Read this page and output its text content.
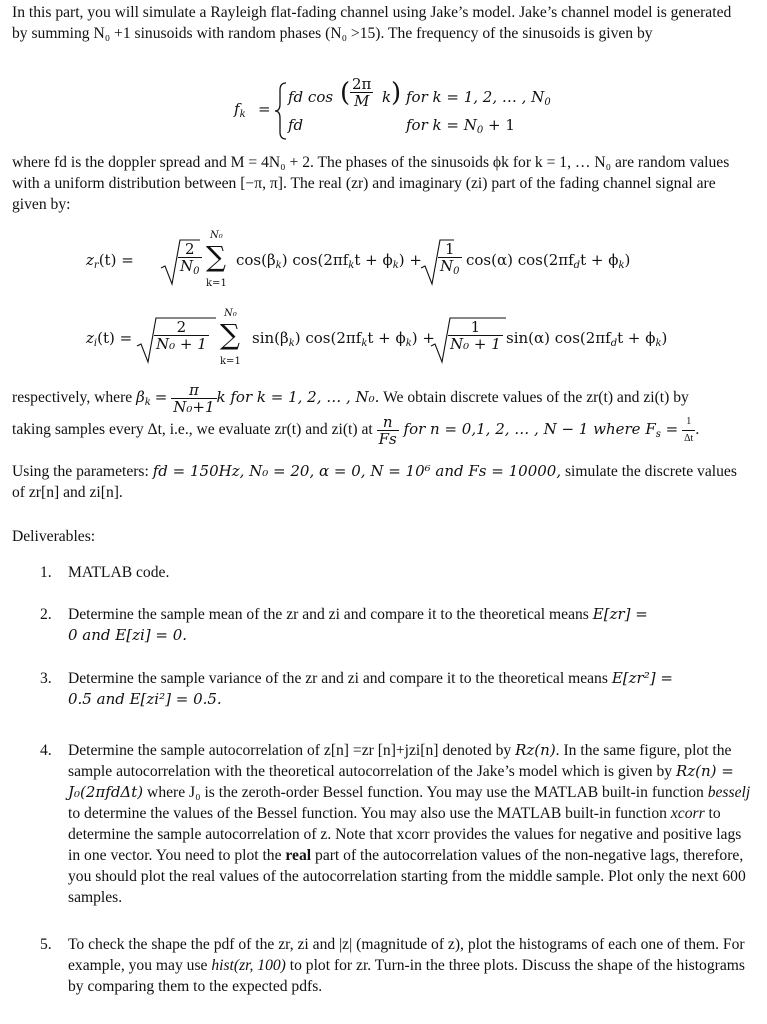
In this part, you will simulate a Rayleigh flat-fading channel using Jake’s model. Jake’s channel model is generated by summing N₀ +1 sinusoids with random phases (N₀ >15). The frequency of the sinusoids is given by

$f_k$ =
fd cos ( $\frac{2\pi}{M}$ k ) for k = 1, 2, … , $N_0$
fd	for $k = N_0 + 1$

where fd is the doppler spread and M = 4N₀ + 2. The phases of the sinusoids ϕk for k = 1, … N₀ are random values with a uniform distribution between [−π, π]. The real (zr) and imaginary (zi) part of the fading channel signal are given by:

$z_r(t)$ =	$\frac{2}{N_0}$
N₀
∑
k=1
$\cos(\beta_k) \cos(2\pi f_kt + \phi_k) + \frac{1}{N_0} \cos(\alpha) \cos(2\pi f_dt + \phi_k)$
$z_i(t) = \frac{2}{\text{N₀ + 1}}$
N₀
∑
k=1
$\sin(\beta_k) \cos(2\pi f_kt + \phi_k) + \frac{1}{\text{N₀ + 1}} \sin(\alpha) \cos(2\pi f_dt + \phi_k)$
respectively, where $\beta_k = \frac{\pi}{\text{N₀+1}}$ k for k = 1, 2, … , N₀. We obtain discrete values of the zr(t) and zi(t) by
taking samples every Δt, i.e., we evaluate zr(t) and zi(t) at $\frac{n}{Fs}$ for n = 0,1, 2, … , N − 1 where $F_s = \frac{1}{\Delta t}$ .

Using the parameters: fd = 150Hz, N₀ = 20, α = 0, N = 10⁶ and Fs = 10000, simulate the discrete values of zr[n] and zi[n].

Deliverables:

1. MATLAB code.
2. Determine the sample mean of the zr and zi and compare it to the theoretical means E[zr] =
0 and E[zi] = 0.
3. Determine the sample variance of the zr and zi and compare it to the theoretical means E[zr²] =
0.5 and E[zi²] = 0.5.
4. Determine the sample autocorrelation of z[n] =zr [n]+jzi[n] denoted by Rz(n). In the same figure, plot the sample autocorrelation with the theoretical autocorrelation of the Jake’s model which is given by Rz(n) = J₀(2πfdΔt) where J₀ is the zeroth-order Bessel function. You may use the MATLAB built-in function besselj to determine the values of the Bessel function. You may also use the MATLAB built-in function xcorr to determine the sample autocorrelation of z. Note that xcorr provides the values for negative and positive lags in one vector. You need to plot the real part of the autocorrelation values of the non-negative lags, therefore, you should plot the real values of the autocorrelation starting from the middle sample. Plot only the next 600 samples.
5. To check the shape the pdf of the zr, zi and |z| (magnitude of z), plot the histograms of each one of them. For example, you may use hist(zr, 100) to plot for zr. Turn-in the three plots. Discuss the shape of the histograms by comparing them to the expected pdfs.
